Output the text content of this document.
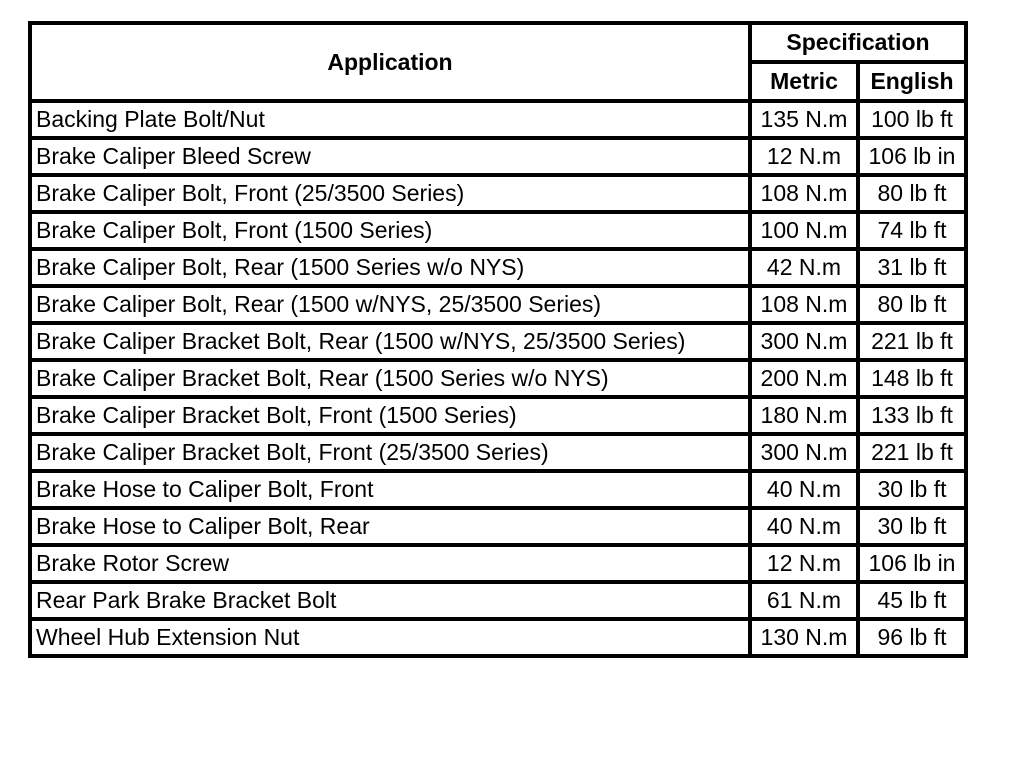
Application	Specification	
	Metric	English
Backing Plate Bolt/Nut	135 N.m	100 lb ft
Brake Caliper Bleed Screw	12 N.m	106 lb in
Brake Caliper Bolt, Front (25/3500 Series)	108 N.m	80 lb ft
Brake Caliper Bolt, Front (1500 Series)	100 N.m	74 lb ft
Brake Caliper Bolt, Rear (1500 Series w/o NYS)	42 N.m	31 lb ft
Brake Caliper Bolt, Rear (1500 w/NYS, 25/3500 Series)	108 N.m	80 lb ft
Brake Caliper Bracket Bolt, Rear (1500 w/NYS, 25/3500 Series)	300 N.m	221 lb ft
Brake Caliper Bracket Bolt, Rear (1500 Series w/o NYS)	200 N.m	148 lb ft
Brake Caliper Bracket Bolt, Front (1500 Series)	180 N.m	133 lb ft
Brake Caliper Bracket Bolt, Front (25/3500 Series)	300 N.m	221 lb ft
Brake Hose to Caliper Bolt, Front	40 N.m	30 lb ft
Brake Hose to Caliper Bolt, Rear	40 N.m	30 lb ft
Brake Rotor Screw	12 N.m	106 lb in
Rear Park Brake Bracket Bolt	61 N.m	45 lb ft
Wheel Hub Extension Nut	130 N.m	96 lb ft
